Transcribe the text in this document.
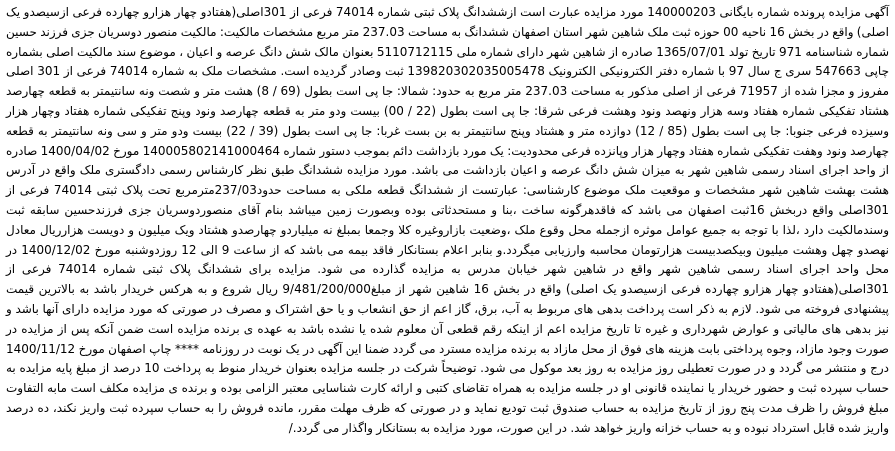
آگهی مزایده پرونده شماره بایگانی 140000203 مورد مزایده عبارت است ازششدانگ پلاک ثبتی شماره 74014 فرعی از 301اصلی(هفتادو چهار هزارو چهارده فرعی ازسیصدو یک اصلی) واقع در بخش 16 ناحیه 00 حوزه ثبت ملک شاهین شهر استان اصفهان ششدانگ به مساحت 237.03 متر مربع مشخصات مالکیت: مالکیت منصور دوسریان جزی فرزند حسین شماره شناسنامه 971 تاریخ تولد 1365/07/01 صادره از شاهین شهر دارای شماره ملی 5110712115 بعنوان مالک شش دانگ عرصه و اعیان ، موضوع سند مالکیت اصلی بشماره چاپی 547663 سری ج سال 97 با شماره دفتر الکترونیکی الکترونیک 139820302035005478 ثبت وصادر گردیده است. مشخصات ملک به شماره 74014 فرعی از 301 اصلی مفروز و مجزا شده از 71957 فرعی از اصلی مذکور به مساحت 237.03 متر مربع به حدود: شمالا: جا پی است بطول (69 / 8) هشت متر و شصت ونه سانتیمتر به قطعه چهارصد هشتاد تفکیکی شماره هفتاد وسه هزار ونهصد ونود وهشت فرعی شرقا: جا پی است بطول (22 / 00) بیست ودو متر به قطعه چهارصد ونود وپنج تفکیکی شماره هفتاد وچهار هزار وسیزده فرعی جنوبا: جا پی است بطول (85 / 12) دوازده متر و هشتاد وپنج سانتیمتر به بن بست غربا: جا پی است بطول (39 / 22) بیست ودو متر و سی ونه سانتیمتر به قطعه چهارصد ونود وهفت تفکیکی شماره هفتاد وچهار هزار وپانزده فرعی محدودیت: یک مورد بازداشت دائم بموجب دستور شماره 140005802141000464 مورخ 1400/04/02 صادره از واحد اجرای اسناد رسمی شاهین شهر به میزان شش دانگ عرصه و اعیان بازداشت می باشد. مورد مزایده ششدانگ طبق نظر کارشناس رسمی دادگستری ملک واقع در آدرس هشت بهشت شاهین شهر مشخصات و موقعیت ملک موضوع کارشناسی: عبارتست از ششدانگ قطعه ملکی به مساحت حدود237/03مترمربع تحت پلاک ثبتی 74014 فرعی از 301اصلی واقع دربخش 16ثبت اصفهان می باشد که فاقدهرگونه ساخت ،بنا و مستحدثاتی بوده وبصورت زمین میباشد بنام آقای منصوردوسریان جزی فرزندحسین سابقه ثبت وسندمالکیت دارد ،لذا با توجه به جمیع عوامل موثره ازجمله محل وقوع ملک ،وضعیت بازاروغیره کلا وجمعا بمبلغ نه میلیاردو چهارصدو هشتاد ویک میلیون و دویست هزارریال معادل نهصدو چهل وهشت میلیون وبیکصدبیست هزارتومان محاسبه وارزیابی میگردد.و بنابر اعلام بستانکار فاقد بیمه می باشد که از ساعت 9 الی 12 روزدوشنبه مورخ 1400/12/02 در محل واحد اجرای اسناد رسمی شاهین شهر واقع در شاهین شهر خیابان مدرس به مزایده گذارده می شود. مزایده برای ششدانگ پلاک ثبتی شماره 74014 فرعی از 301اصلی(هفتادو چهار هزارو چهارده فرعی ازسیصدو یک اصلی) واقع در بخش 16 شاهین شهر از مبلغ9/481/200/000 ریال شروع و به هرکس خریدار باشد به بالاترین قیمت پیشنهادی فروخته می شود. لازم به ذکر است پرداخت بدهی های مربوط به آب، برق، گاز اعم از حق انشعاب و یا حق اشتراک و مصرف در صورتی که مورد مزایده دارای آنها باشد و نیز بدهی های مالیاتی و عوارض شهرداری و غیره تا تاریخ مزایده اعم از اینکه رقم قطعی آن معلوم شده یا نشده باشد به عهده ی برنده مزایده است ضمن آنکه پس از مزایده در صورت وجود مازاد، وجوه پرداختی بابت هزینه های فوق از محل مازاد به برنده مزایده مسترد می گردد ضمنا این آگهی در یک نوبت در روزنامه **** چاپ اصفهان مورخ 1400/11/12 درج و منتشر می گردد و در صورت تعطیلی روز مزایده به روز بعد موکول می شود. توضیحاً شرکت در جلسه مزایده بعنوان خریدار منوط به پرداخت 10 درصد از مبلغ پایه مزایده به حساب سپرده ثبت و حضور خریدار یا نماینده قانونی او در جلسه مزایده به همراه تقاضای کتبی و ارائه کارت شناسایی معتبر الزامی بوده و برنده ی مزایده مکلف است مابه التفاوت مبلغ فروش را ظرف مدت پنج روز از تاریخ مزایده به حساب صندوق ثبت تودیع نماید و در صورتی که ظرف مهلت مقرر، مانده فروش را به حساب سپرده ثبت واریز نکند، ده درصد واریز شده قابل استرداد نبوده و به حساب خزانه واریز خواهد شد. در این صورت، مورد مزایده به بستانکار واگذار می گردد./
